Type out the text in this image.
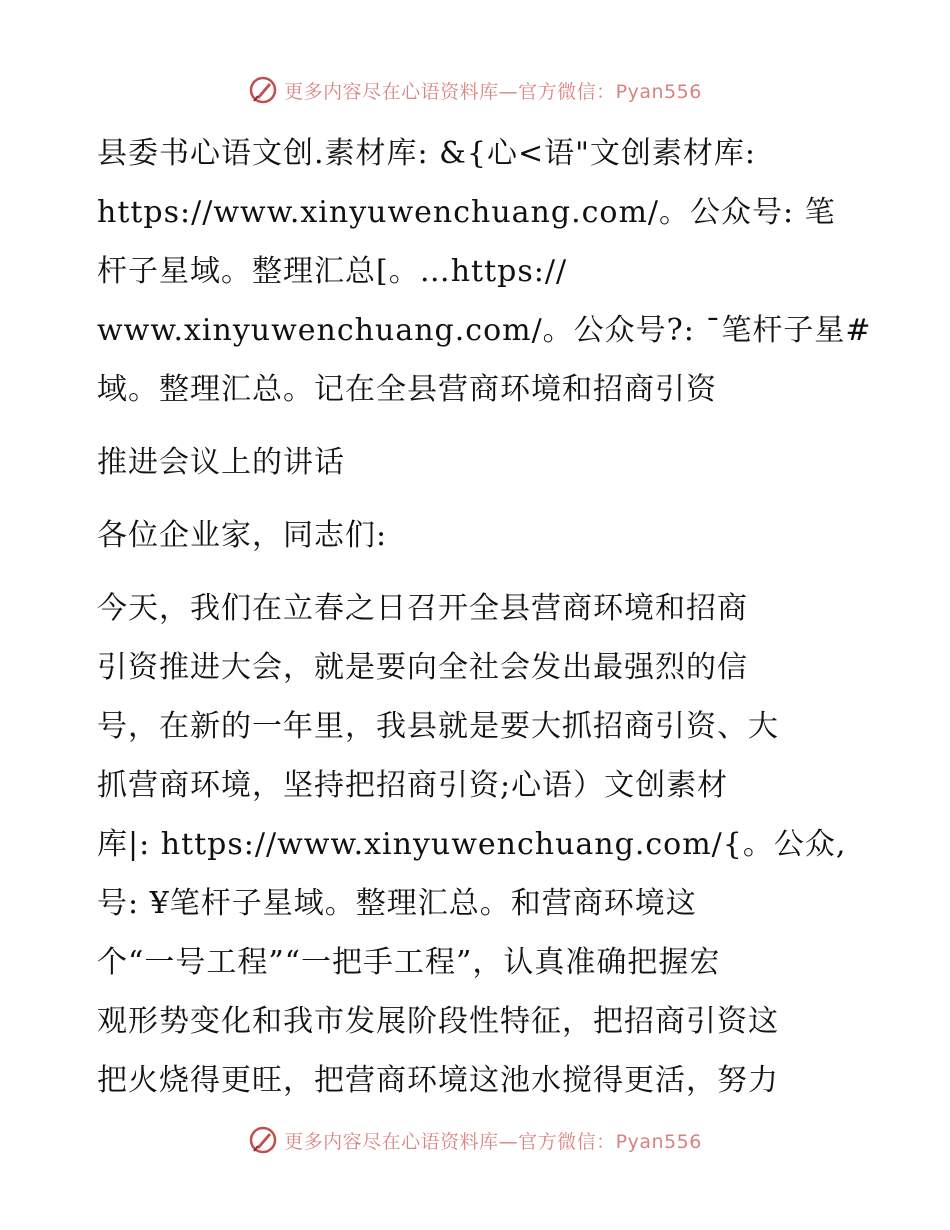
更多内容尽在心语资料库—官方微信：Pyan556
县委书心语文创.素材库: &{心<语"文创素材库:
https://www.xinyuwenchuang.com/。公众号: 笔
杆子星域。整理汇总[。…https://
www.xinyuwenchuang.com/。公众号?: ¯笔杆子星#
域。整理汇总。记在全县营商环境和招商引资
推进会议上的讲话
各位企业家，同志们:
今天，我们在立春之日召开全县营商环境和招商
引资推进大会，就是要向全社会发出最强烈的信
号，在新的一年里，我县就是要大抓招商引资、大
抓营商环境，坚持把招商引资;心语）文创素材
库|: https://www.xinyuwenchuang.com/{。公众,
号: ¥笔杆子星域。整理汇总。和营商环境这
个“一号工程”“一把手工程”，认真准确把握宏
观形势变化和我市发展阶段性特征，把招商引资这
把火烧得更旺，把营商环境这池水搅得更活，努力
更多内容尽在心语资料库—官方微信：Pyan556
